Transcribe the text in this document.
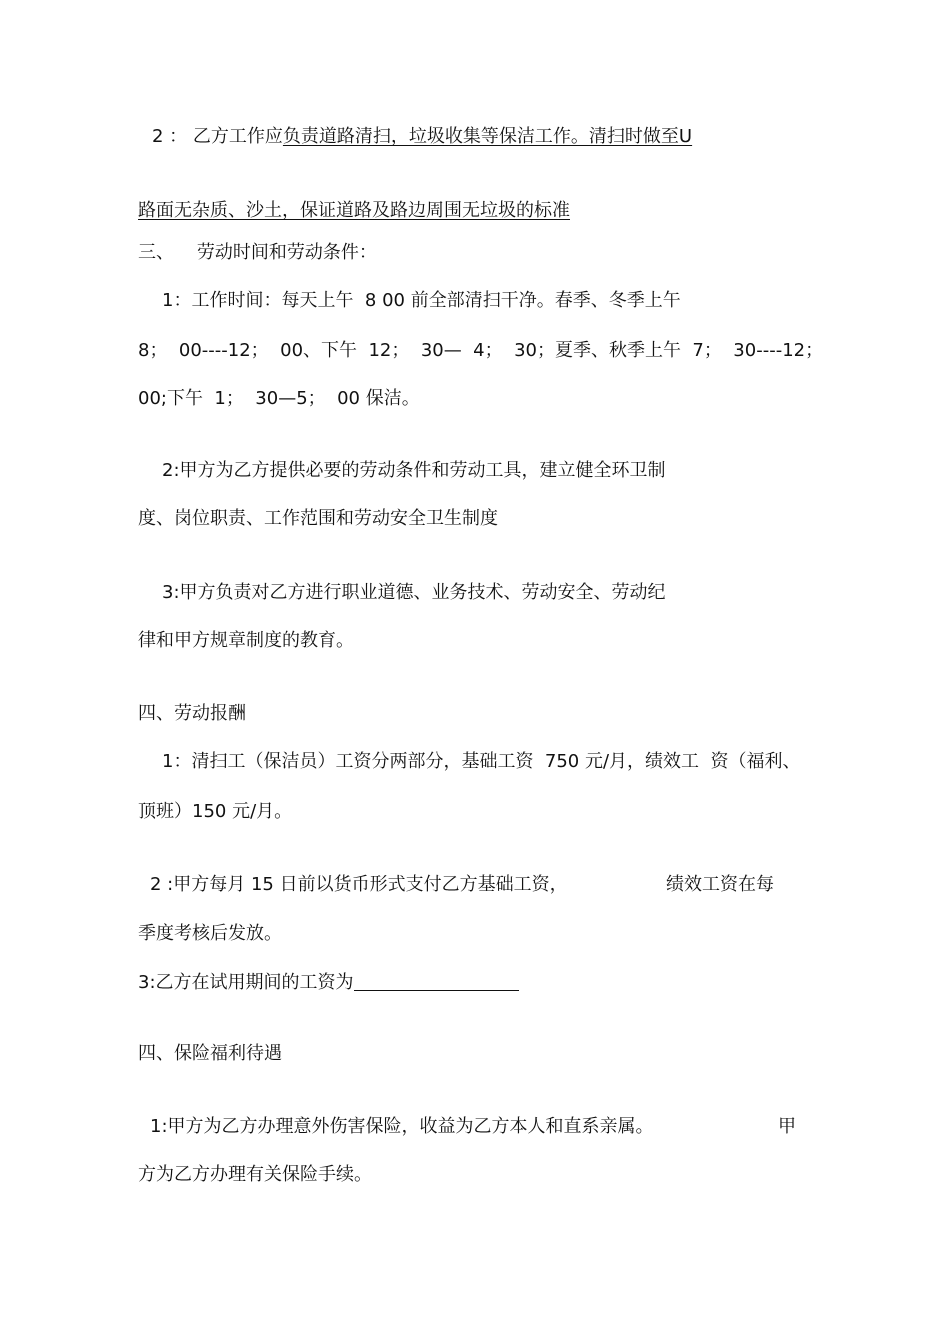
2 ： 乙方工作应负责道路清扫，垃圾收集等保洁工作。清扫时做至U
路面无杂质、沙土，保证道路及路边周围无垃圾的标准
三、    劳动时间和劳动条件：
1：工作时间：每天上午  8 00 前全部清扫干净。春季、冬季上午
8；  00----12；  00、下午  12；  30—  4；  30；夏季、秋季上午  7；  30----12；
00;下午  1；  30—5；  00 保洁。
2:甲方为乙方提供必要的劳动条件和劳动工具，建立健全环卫制
度、岗位职责、工作范围和劳动安全卫生制度
3:甲方负责对乙方进行职业道德、业务技术、劳动安全、劳动纪
律和甲方规章制度的教育。
四、劳动报酬
1：清扫工（保洁员）工资分两部分，基础工资  750 元/月，绩效工  资（福利、
顶班）150 元/月。
2 :甲方每月 15 日前以货币形式支付乙方基础工资，	绩效工资在每
季度考核后发放。
3:乙方在试用期间的工资为
四、保险福利待遇
1:甲方为乙方办理意外伤害保险，收益为乙方本人和直系亲属。	甲
方为乙方办理有关保险手续。
